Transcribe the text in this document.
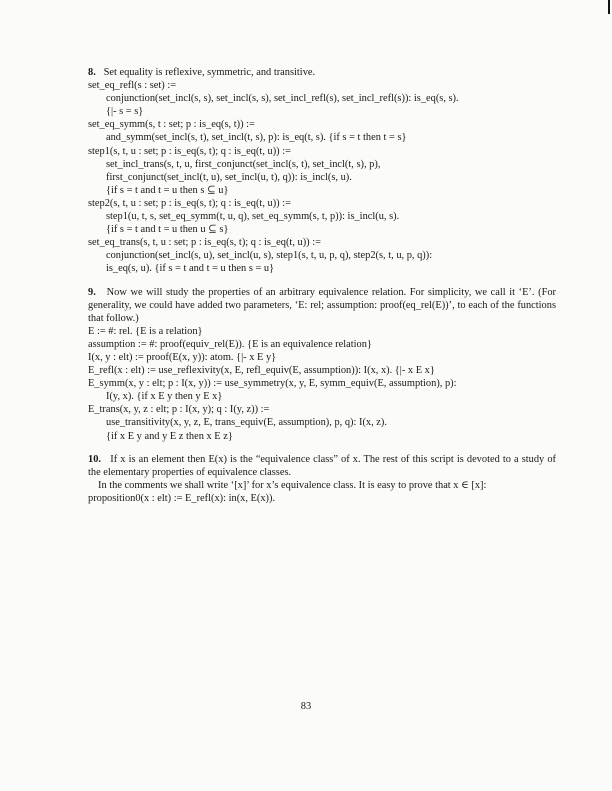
8. Set equality is reflexive, symmetric, and transitive.

set_eq_refl(s : set) :=

conjunction(set_incl(s, s), set_incl(s, s), set_incl_refl(s), set_incl_refl(s)): is_eq(s, s).

{|- s = s}

set_eq_symm(s, t : set; p : is_eq(s, t)) :=

and_symm(set_incl(s, t), set_incl(t, s), p): is_eq(t, s). {if s = t then t = s}

step1(s, t, u : set; p : is_eq(s, t); q : is_eq(t, u)) :=

set_incl_trans(s, t, u, first_conjunct(set_incl(s, t), set_incl(t, s), p),

first_conjunct(set_incl(t, u), set_incl(u, t), q)): is_incl(s, u).

{if s = t and t = u then s ⊆ u}

step2(s, t, u : set; p : is_eq(s, t); q : is_eq(t, u)) :=

step1(u, t, s, set_eq_symm(t, u, q), set_eq_symm(s, t, p)): is_incl(u, s).

{if s = t and t = u then u ⊆ s}

set_eq_trans(s, t, u : set; p : is_eq(s, t); q : is_eq(t, u)) :=

conjunction(set_incl(s, u), set_incl(u, s), step1(s, t, u, p, q), step2(s, t, u, p, q)):

is_eq(s, u). {if s = t and t = u then s = u}

9. Now we will study the properties of an arbitrary equivalence relation. For simplicity, we call it ‘E’. (For generality, we could have added two parameters, ‘E: rel; assumption: proof(eq_rel(E))’, to each of the functions that follow.)

E := #: rel. {E is a relation}

assumption := #: proof(equiv_rel(E)). {E is an equivalence relation}

I(x, y : elt) := proof(E(x, y)): atom. {|- x E y}

E_refl(x : elt) := use_reflexivity(x, E, refl_equiv(E, assumption)): I(x, x). {|- x E x}

E_symm(x, y : elt; p : I(x, y)) := use_symmetry(x, y, E, symm_equiv(E, assumption), p):

I(y, x). {if x E y then y E x}

E_trans(x, y, z : elt; p : I(x, y); q : I(y, z)) :=

use_transitivity(x, y, z, E, trans_equiv(E, assumption), p, q): I(x, z).

{if x E y and y E z then x E z}

10. If x is an element then E(x) is the “equivalence class” of x. The rest of this script is devoted to a study of the elementary properties of equivalence classes.

In the comments we shall write ‘[x]’ for x’s equivalence class. It is easy to prove that x ∈ [x]:

proposition0(x : elt) := E_refl(x): in(x, E(x)).

83
